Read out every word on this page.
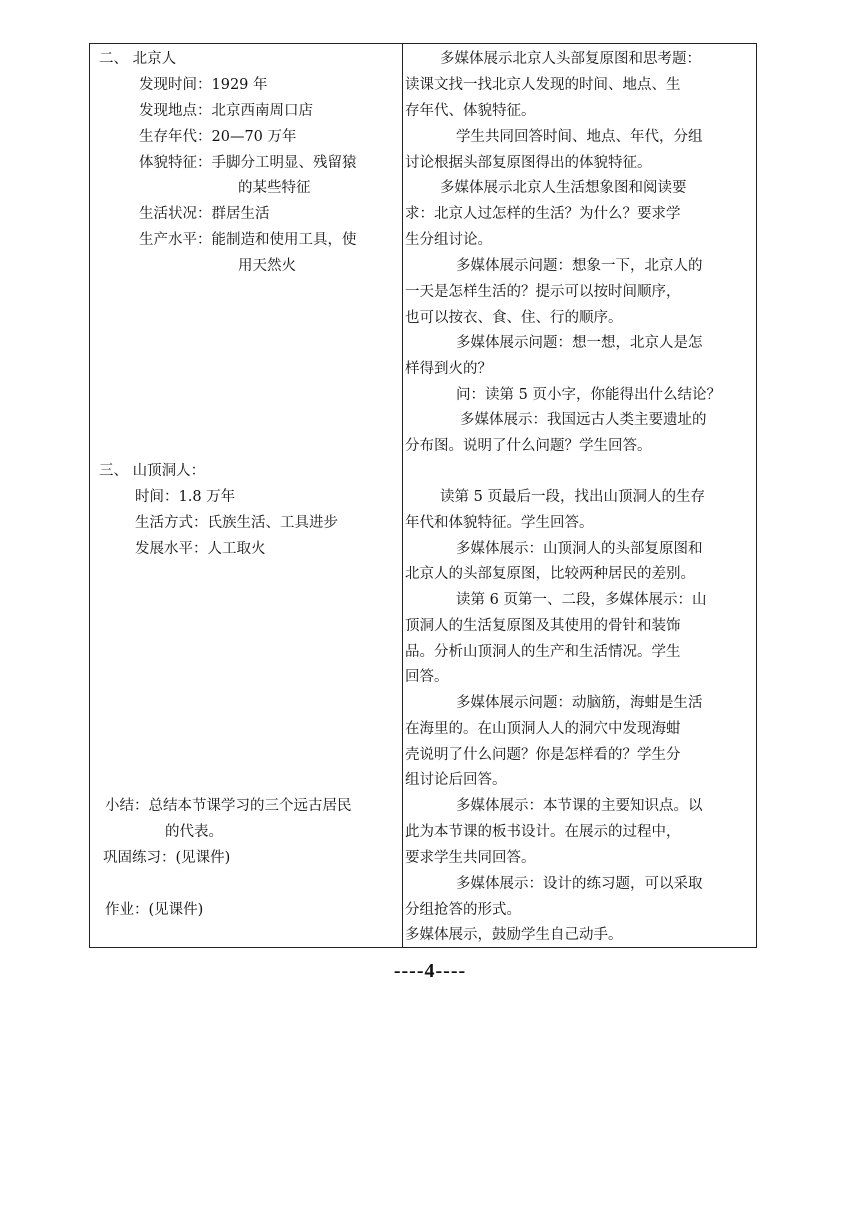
二、 北京人
发现时间：1929 年
发现地点：北京西南周口店
生存年代：20—70 万年
体貌特征：手脚分工明显、残留猿
的某些特征
生活状况：群居生活
生产水平：能制造和使用工具，使
用天然火
三、 山顶洞人：
时间：1.8 万年
生活方式：氏族生活、工具进步
发展水平：人工取火
小结：总结本节课学习的三个远古居民
的代表。
巩固练习：(见课件)
作业：(见课件)
多媒体展示北京人头部复原图和思考题：
读课文找一找北京人发现的时间、地点、生
存年代、体貌特征。
学生共同回答时间、地点、年代，分组
讨论根据头部复原图得出的体貌特征。
多媒体展示北京人生活想象图和阅读要
求：北京人过怎样的生活？为什么？要求学
生分组讨论。
多媒体展示问题：想象一下，北京人的
一天是怎样生活的？提示可以按时间顺序，
也可以按衣、食、住、行的顺序。
多媒体展示问题：想一想，北京人是怎
样得到火的？
问：读第 5 页小字，你能得出什么结论？
多媒体展示：我国远古人类主要遗址的
分布图。说明了什么问题？学生回答。
读第 5 页最后一段，找出山顶洞人的生存
年代和体貌特征。学生回答。
多媒体展示：山顶洞人的头部复原图和
北京人的头部复原图，比较两种居民的差别。
读第 6 页第一、二段，多媒体展示：山
顶洞人的生活复原图及其使用的骨针和装饰
品。分析山顶洞人的生产和生活情况。学生
回答。
多媒体展示问题：动脑筋，海蚶是生活
在海里的。在山顶洞人人的洞穴中发现海蚶
壳说明了什么问题？你是怎样看的？学生分
组讨论后回答。
多媒体展示：本节课的主要知识点。以
此为本节课的板书设计。在展示的过程中，
要求学生共同回答。
多媒体展示：设计的练习题，可以采取
分组抢答的形式。
多媒体展示，鼓励学生自己动手。
----4----
